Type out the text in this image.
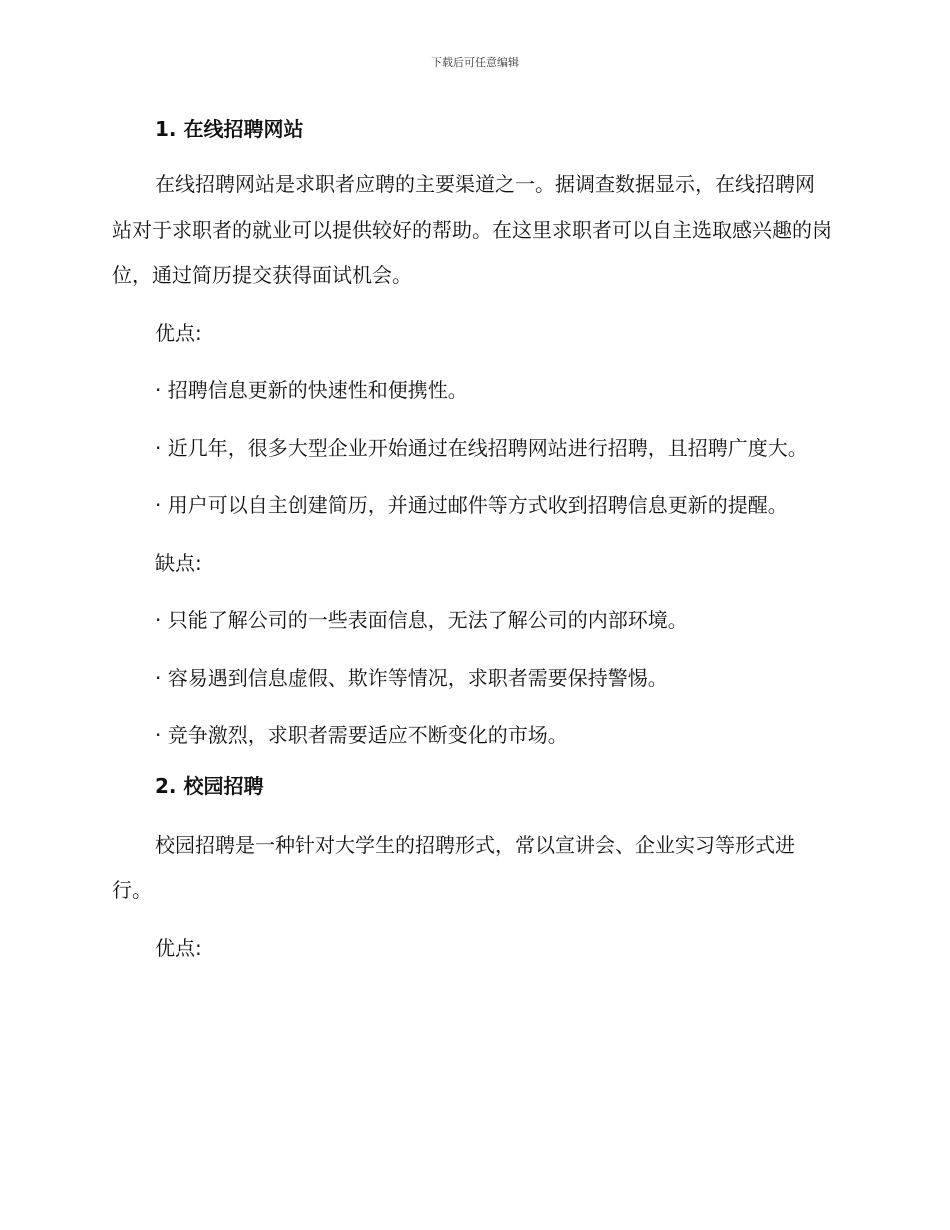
下载后可任意编辑
1. 在线招聘网站

在线招聘网站是求职者应聘的主要渠道之一。据调查数据显示，在线招聘网站对于求职者的就业可以提供较好的帮助。在这里求职者可以自主选取感兴趣的岗位，通过简历提交获得面试机会。

优点:

· 招聘信息更新的快速性和便携性。

· 近几年，很多大型企业开始通过在线招聘网站进行招聘，且招聘广度大。

· 用户可以自主创建简历，并通过邮件等方式收到招聘信息更新的提醒。

缺点:

· 只能了解公司的一些表面信息，无法了解公司的内部环境。

· 容易遇到信息虚假、欺诈等情况，求职者需要保持警惕。

· 竞争激烈，求职者需要适应不断变化的市场。

2. 校园招聘

校园招聘是一种针对大学生的招聘形式，常以宣讲会、企业实习等形式进行。

优点:
